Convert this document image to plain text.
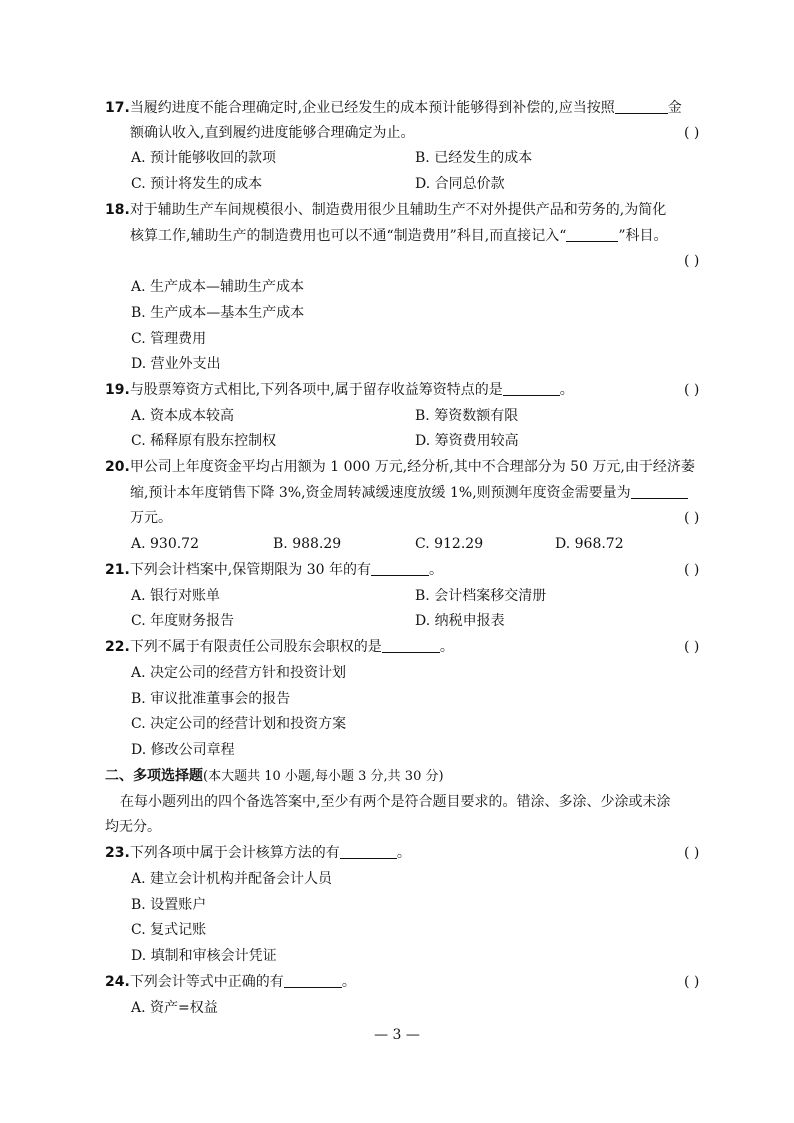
17.当履约进度不能合理确定时,企业已经发生的成本预计能够得到补偿的,应当按照	金
额确认收入,直到履约进度能够合理确定为止。	( )
A. 预计能够收回的款项	B. 已经发生的成本
C. 预计将发生的成本	D. 合同总价款
18.对于辅助生产车间规模很小、制造费用很少且辅助生产不对外提供产品和劳务的,为简化
核算工作,辅助生产的制造费用也可以不通“制造费用”科目,而直接记入“	”科目。
( )
A. 生产成本—辅助生产成本
B. 生产成本—基本生产成本
C. 管理费用
D. 营业外支出
19.与股票筹资方式相比,下列各项中,属于留存收益筹资特点的是	。	( )
A. 资本成本较高	B. 筹资数额有限
C. 稀释原有股东控制权	D. 筹资费用较高
20.甲公司上年度资金平均占用额为 1 000 万元,经分析,其中不合理部分为 50 万元,由于经济萎
缩,预计本年度销售下降 3%,资金周转减缓速度放缓 1%,则预测年度资金需要量为
万元。	( )
A. 930.72	B. 988.29	C. 912.29	D. 968.72
21.下列会计档案中,保管期限为 30 年的有	。	( )
A. 银行对账单	B. 会计档案移交清册
C. 年度财务报告	D. 纳税申报表
22.下列不属于有限责任公司股东会职权的是	。	( )
A. 决定公司的经营方针和投资计划
B. 审议批准董事会的报告
C. 决定公司的经营计划和投资方案
D. 修改公司章程
二、多项选择题(本大题共 10 小题,每小题 3 分,共 30 分)
在每小题列出的四个备选答案中,至少有两个是符合题目要求的。错涂、多涂、少涂或未涂
均无分。
23.下列各项中属于会计核算方法的有	。	( )
A. 建立会计机构并配备会计人员
B. 设置账户
C. 复式记账
D. 填制和审核会计凭证
24.下列会计等式中正确的有	。	( )
A. 资产=权益
— 3 —
